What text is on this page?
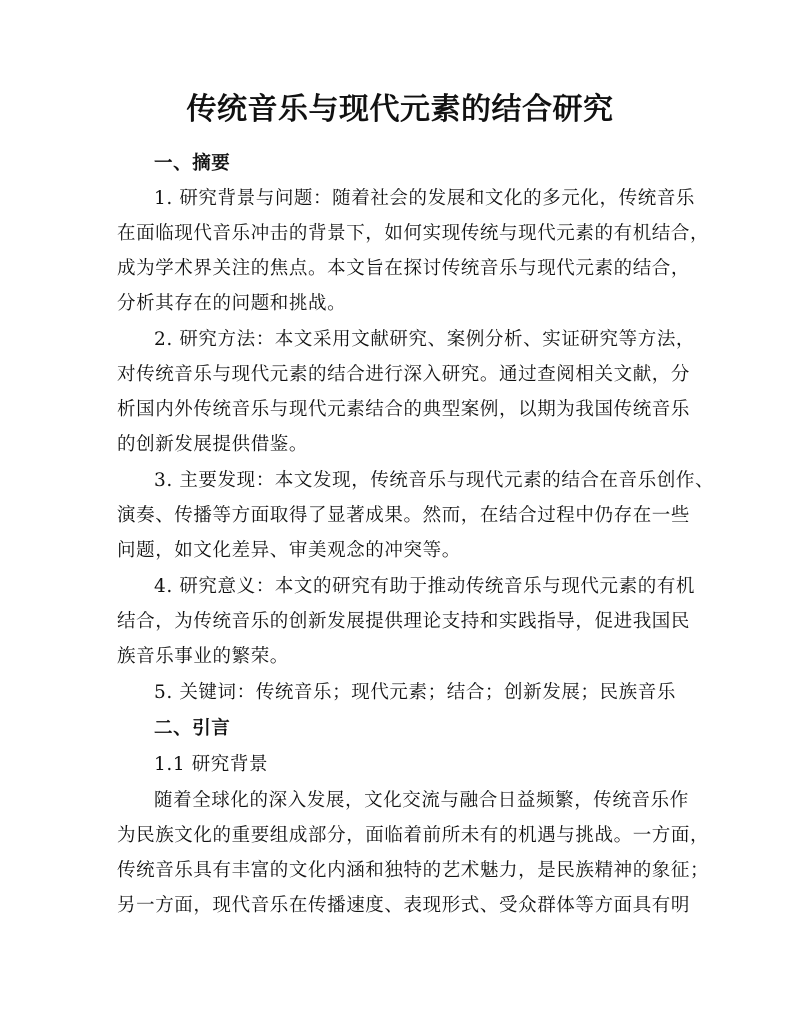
传统音乐与现代元素的结合研究
一、摘要
1. 研究背景与问题：随着社会的发展和文化的多元化，传统音乐
在面临现代音乐冲击的背景下，如何实现传统与现代元素的有机结合，
成为学术界关注的焦点。本文旨在探讨传统音乐与现代元素的结合，
分析其存在的问题和挑战。
2. 研究方法：本文采用文献研究、案例分析、实证研究等方法，
对传统音乐与现代元素的结合进行深入研究。通过查阅相关文献，分
析国内外传统音乐与现代元素结合的典型案例，以期为我国传统音乐
的创新发展提供借鉴。
3. 主要发现：本文发现，传统音乐与现代元素的结合在音乐创作、
演奏、传播等方面取得了显著成果。然而，在结合过程中仍存在一些
问题，如文化差异、审美观念的冲突等。
4. 研究意义：本文的研究有助于推动传统音乐与现代元素的有机
结合，为传统音乐的创新发展提供理论支持和实践指导，促进我国民
族音乐事业的繁荣。
5. 关键词：传统音乐；现代元素；结合；创新发展；民族音乐
二、引言
1.1 研究背景
随着全球化的深入发展，文化交流与融合日益频繁，传统音乐作
为民族文化的重要组成部分，面临着前所未有的机遇与挑战。一方面，
传统音乐具有丰富的文化内涵和独特的艺术魅力，是民族精神的象征；
另一方面，现代音乐在传播速度、表现形式、受众群体等方面具有明
